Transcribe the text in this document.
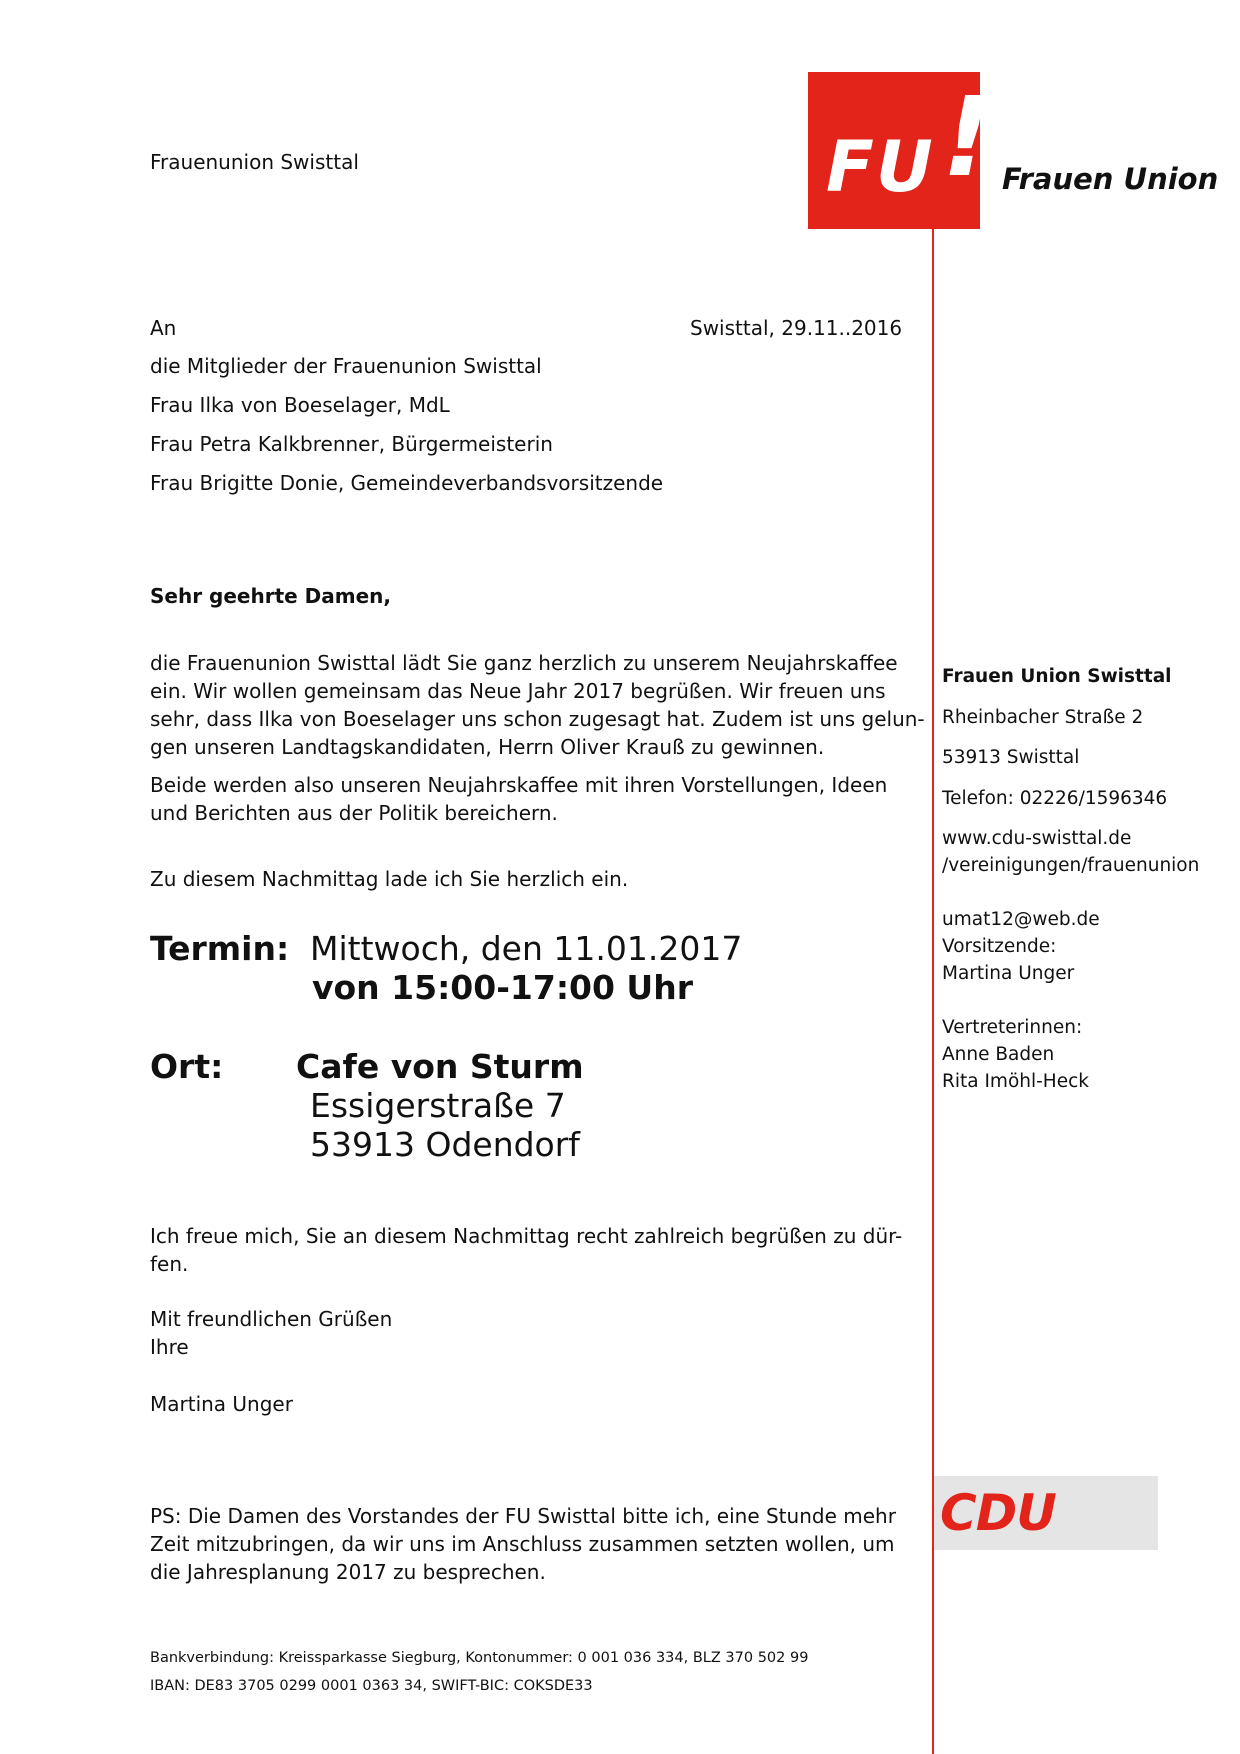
FU ! Frauen Union
Frauenunion Swisttal
An	Swisttal, 29.11..2016
die Mitglieder der Frauenunion Swisttal
Frau Ilka von Boeselager, MdL
Frau Petra Kalkbrenner, Bürgermeisterin
Frau Brigitte Donie, Gemeindeverbandsvorsitzende
Sehr geehrte Damen,
die Frauenunion Swisttal lädt Sie ganz herzlich zu unserem Neujahrskaffee
ein. Wir wollen gemeinsam das Neue Jahr 2017 begrüßen. Wir freuen uns
sehr, dass Ilka von Boeselager uns schon zugesagt hat. Zudem ist uns gelun-
gen unseren Landtagskandidaten, Herrn Oliver Krauß zu gewinnen.
Beide werden also unseren Neujahrskaffee mit ihren Vorstellungen, Ideen
und Berichten aus der Politik bereichern.
Zu diesem Nachmittag lade ich Sie herzlich ein.
Termin: Mittwoch, den 11.01.2017
von 15:00-17:00 Uhr
Ort: Cafe von Sturm
Essigerstraße 7
53913 Odendorf
Ich freue mich, Sie an diesem Nachmittag recht zahlreich begrüßen zu dür-
fen.
Mit freundlichen Grüßen
Ihre
Martina Unger
PS: Die Damen des Vorstandes der FU Swisttal bitte ich, eine Stunde mehr
Zeit mitzubringen, da wir uns im Anschluss zusammen setzten wollen, um
die Jahresplanung 2017 zu besprechen.
Bankverbindung: Kreissparkasse Siegburg, Kontonummer: 0 001 036 334, BLZ 370 502 99
IBAN: DE83 3705 0299 0001 0363 34, SWIFT-BIC: COKSDE33
Frauen Union Swisttal
Rheinbacher Straße 2
53913 Swisttal
Telefon: 02226/1596346
www.cdu-swisttal.de
/vereinigungen/frauenunion
umat12@web.de
Vorsitzende:
Martina Unger
Vertreterinnen:
Anne Baden
Rita Imöhl-Heck
CDU
